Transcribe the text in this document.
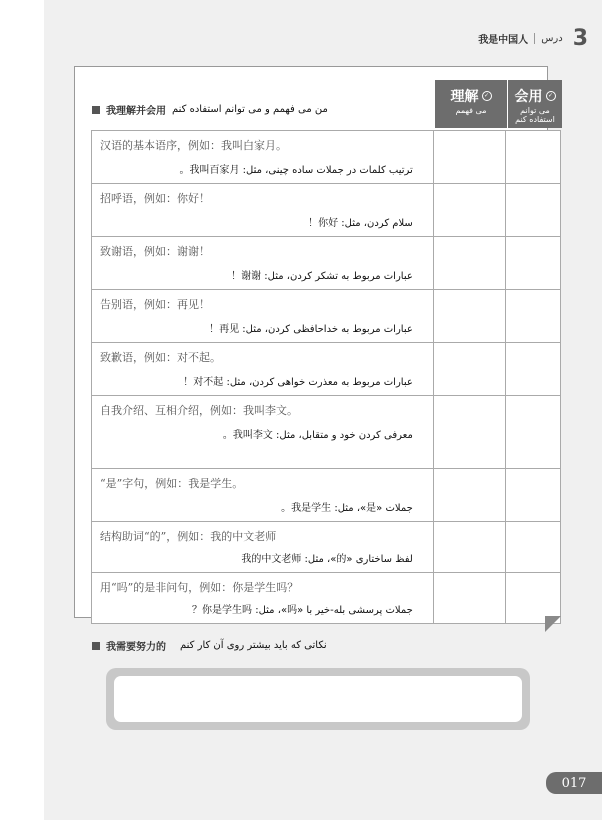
我是中国人 درس 3
我理解并会用 من می فهمم و می توانم استفاده کنم
理解 ✓
می فهمم
会用 ✓
می توانم استفاده کنم
汉语的基本语序，例如：我叫白家月。
ترتیب کلمات در جملات ساده چینی، مثل: 我叫百家月。
招呼语，例如：你好！
سلام کردن، مثل: 你好！
致谢语，例如：谢谢！
عبارات مربوط به تشکر کردن، مثل: 谢谢！
告别语，例如：再见！
عبارات مربوط به خداحافظی کردن، مثل: 再见！
致歉语，例如：对不起。
عبارات مربوط به معذرت خواهی کردن، مثل: 对不起！
自我介绍、互相介绍，例如：我叫李文。
معرفی کردن خود و متقابل، مثل: 我叫李文。
“是”字句，例如：我是学生。
جملات «是»، مثل: 我是学生。
结构助词“的”，例如：我的中文老师
لفظ ساختاری «的»، مثل: 我的中文老师
用“吗”的是非问句，例如：你是学生吗？
جملات پرسشی بله-خیر با «吗»، مثل: 你是学生吗？
我需要努力的 نکاتی که باید بیشتر روی آن کار کنم
017
